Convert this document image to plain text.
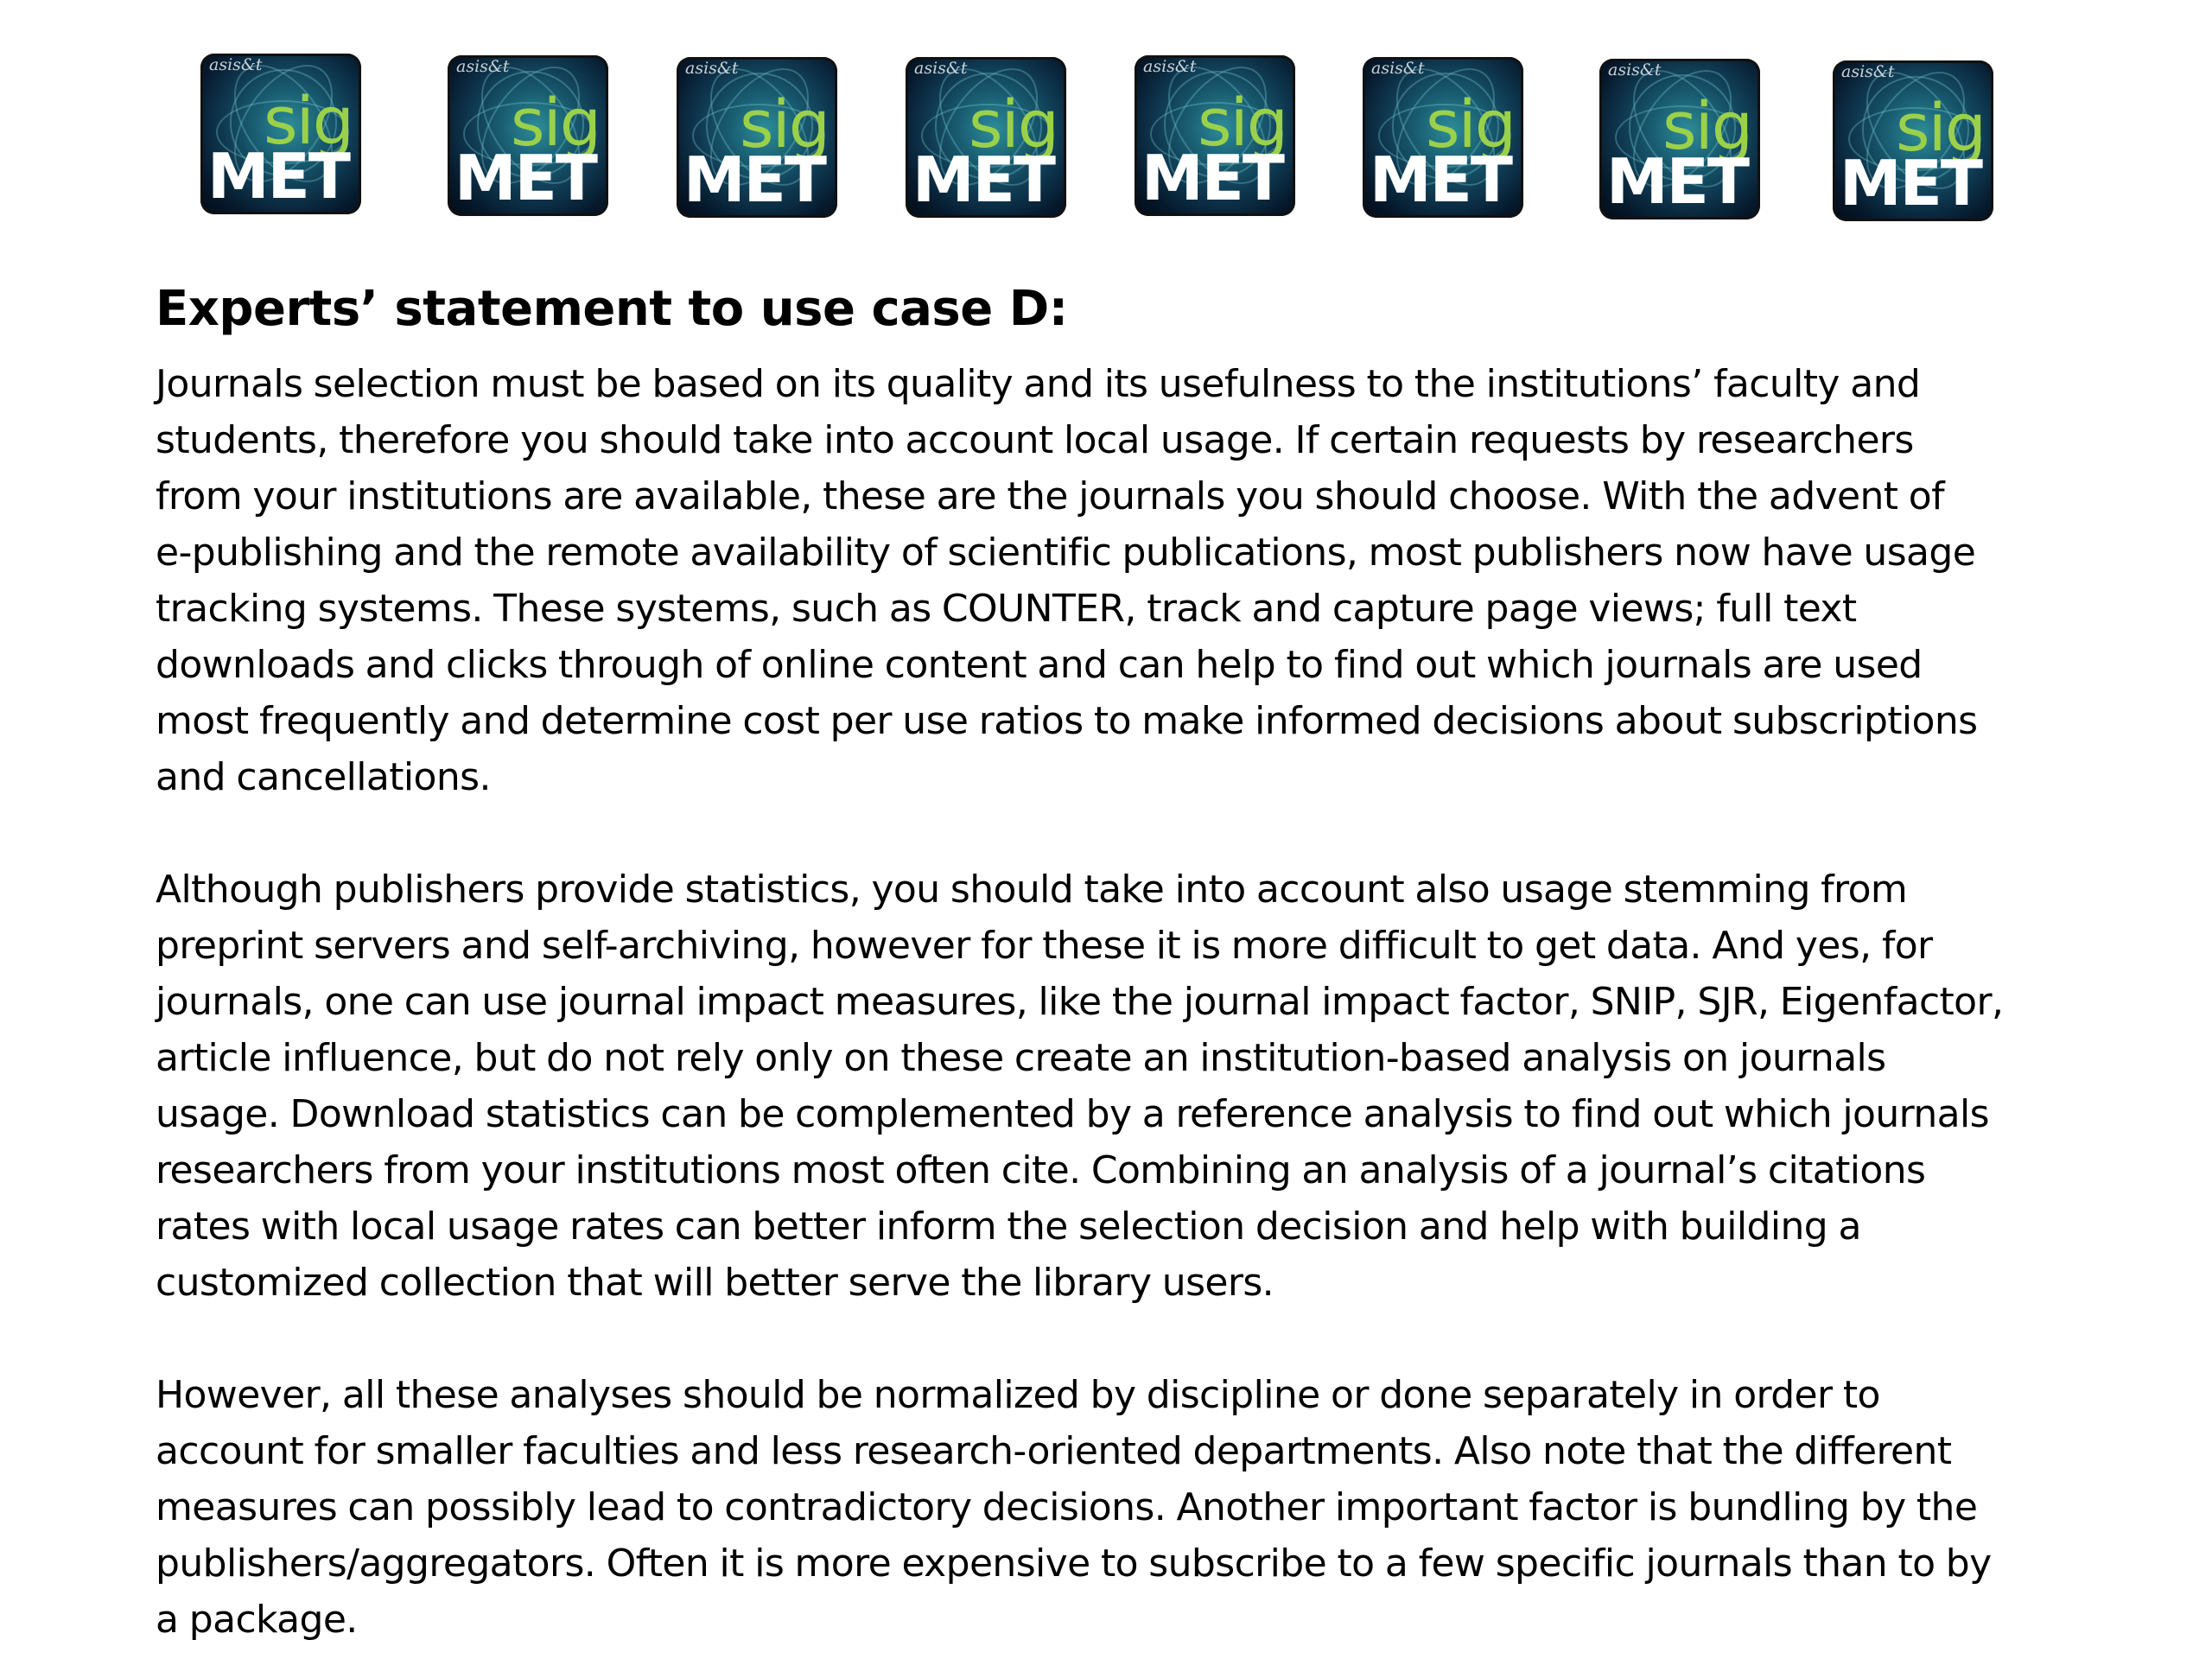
asis&t
sig
MET
asis&t
sig
MET
asis&t
sig
MET
asis&t
sig
MET
asis&t
sig
MET
asis&t
sig
MET
asis&t
sig
MET
asis&t
sig
MET
Experts’ statement to use case D:

Journals selection must be based on its quality and its usefulness to the institutions’ faculty and
students, therefore you should take into account local usage. If certain requests by researchers
from your institutions are available, these are the journals you should choose. With the advent of
e-publishing and the remote availability of scientific publications, most publishers now have usage
tracking systems. These systems, such as COUNTER, track and capture page views; full text
downloads and clicks through of online content and can help to find out which journals are used
most frequently and determine cost per use ratios to make informed decisions about subscriptions
and cancellations.

Although publishers provide statistics, you should take into account also usage stemming from
preprint servers and self-archiving, however for these it is more difficult to get data. And yes, for
journals, one can use journal impact measures, like the journal impact factor, SNIP, SJR, Eigenfactor,
article influence, but do not rely only on these create an institution-based analysis on journals
usage. Download statistics can be complemented by a reference analysis to find out which journals
researchers from your institutions most often cite. Combining an analysis of a journal’s citations
rates with local usage rates can better inform the selection decision and help with building a
customized collection that will better serve the library users.

However, all these analyses should be normalized by discipline or done separately in order to
account for smaller faculties and less research-oriented departments. Also note that the different
measures can possibly lead to contradictory decisions. Another important factor is bundling by the
publishers/aggregators. Often it is more expensive to subscribe to a few specific journals than to by
a package.
